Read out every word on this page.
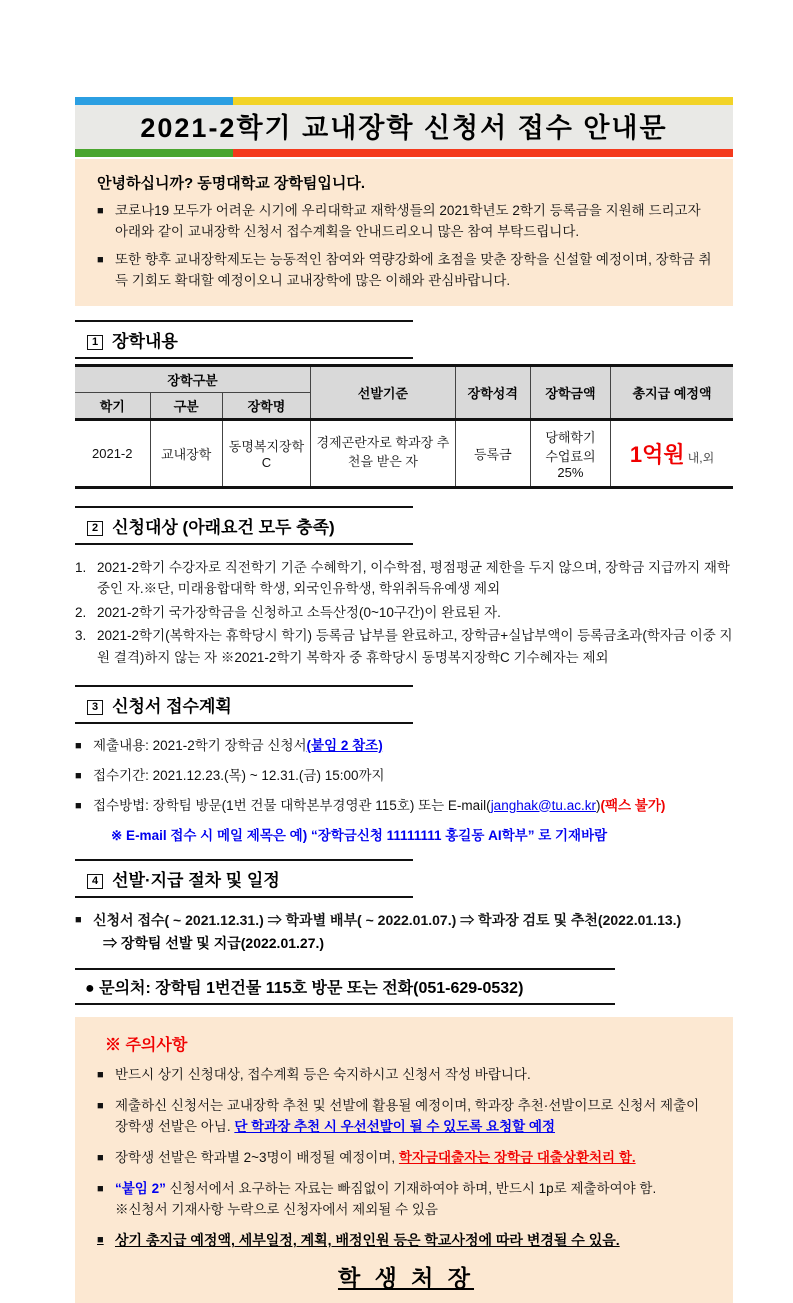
2021-2학기 교내장학 신청서 접수 안내문
안녕하십니까? 동명대학교 장학팀입니다.
■ 코로나19 모두가 어려운 시기에 우리대학교 재학생들의 2021학년도 2학기 등록금을 지원해 드리고자 아래와 같이 교내장학 신청서 접수계획을 안내드리오니 많은 참여 부탁드립니다.
■ 또한 향후 교내장학제도는 능동적인 참여와 역량강화에 초점을 맞춘 장학을 신설할 예정이며, 장학금 취득 기회도 확대할 예정이오니 교내장학에 많은 이해와 관심바랍니다.
1 장학내용
장학구분			선발기준	장학성격	장학금액	총지급 예정액
학기	구분	장학명				
2021-2	교내장학	동명복지장학C	경제곤란자로 학과장 추천을 받은 자	등록금	당해학기
수업료의 25%	1억원 내,외
2 신청대상 (아래요건 모두 충족)
1. 2021-2학기 수강자로 직전학기 기준 수혜학기, 이수학점, 평점평균 제한을 두지 않으며, 장학금 지급까지 재학중인 자.※단, 미래융합대학 학생, 외국인유학생, 학위취득유예생 제외
2. 2021-2학기 국가장학금을 신청하고 소득산정(0~10구간)이 완료된 자.
3. 2021-2학기(복학자는 휴학당시 학기) 등록금 납부를 완료하고, 장학금+실납부액이 등록금초과(학자금 이중 지원 결격)하지 않는 자 ※2021-2학기 복학자 중 휴학당시 동명복지장학C 기수혜자는 제외
3 신청서 접수계획
■ 제출내용: 2021-2학기 장학금 신청서(붙임 2 참조)
■ 접수기간: 2021.12.23.(목) ~ 12.31.(금) 15:00까지
■ 접수방법: 장학팀 방문(1번 건물 대학본부경영관 115호) 또는 E-mail(janghak@tu.ac.kr)(팩스 불가)
※ E-mail 접수 시 메일 제목은 예) “장학금신청 11111111 홍길동 AI학부” 로 기재바람
4 선발·지급 절차 및 일정
■ 신청서 접수( ~ 2021.12.31.) ⇒ 학과별 배부( ~ 2022.01.07.) ⇒ 학과장 검토 및 추천(2022.01.13.)
⇒ 장학팀 선발 및 지급(2022.01.27.)
● 문의처: 장학팀 1번건물 115호 방문 또는 전화(051-629-0532)
※ 주의사항
■ 반드시 상기 신청대상, 접수계획 등은 숙지하시고 신청서 작성 바랍니다.
■ 제출하신 신청서는 교내장학 추천 및 선발에 활용될 예정이며, 학과장 추천·선발이므로 신청서 제출이 장학생 선발은 아님. 단 학과장 추천 시 우선선발이 될 수 있도록 요청할 예정
■ 장학생 선발은 학과별 2~3명이 배정될 예정이며, 학자금대출자는 장학금 대출상환처리 함.
■ “붙임 2” 신청서에서 요구하는 자료는 빠짐없이 기재하여야 하며, 반드시 1p로 제출하여야 함.
※신청서 기재사항 누락으로 신청자에서 제외될 수 있음
■ 상기 총지급 예정액, 세부일정, 계획, 배정인원 등은 학교사정에 따라 변경될 수 있음.
학 생 처 장
